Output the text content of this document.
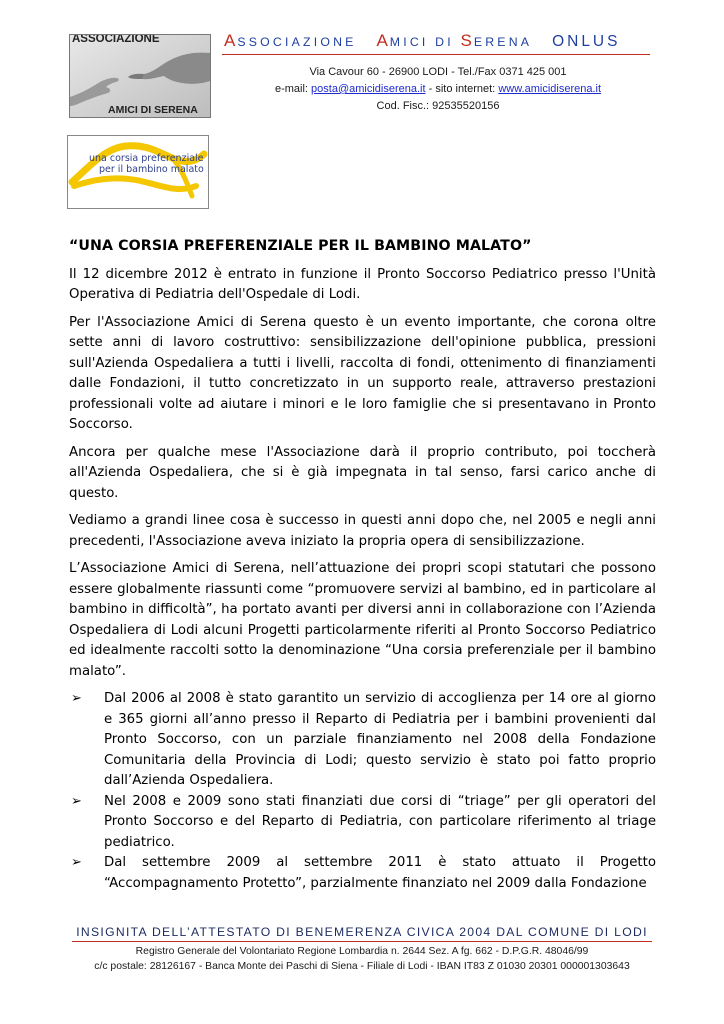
ASSOCIAZIONE
AMICI DI SERENA
ASSOCIAZIONE AMICI DI SERENA ONLUS
Via Cavour 60 - 26900 LODI - Tel./Fax 0371 425 001
e-mail: posta@amicidiserena.it - sito internet: www.amicidiserena.it
Cod. Fisc.: 92535520156
una corsia preferenziale
per il bambino malato
“UNA CORSIA PREFERENZIALE PER IL BAMBINO MALATO”

Il 12 dicembre 2012 è entrato in funzione il Pronto Soccorso Pediatrico presso l'Unità Operativa di Pediatria dell'Ospedale di Lodi.

Per l'Associazione Amici di Serena questo è un evento importante, che corona oltre sette anni di lavoro costruttivo: sensibilizzazione dell'opinione pubblica, pressioni sull'Azienda Ospedaliera a tutti i livelli, raccolta di fondi, ottenimento di finanziamenti dalle Fondazioni, il tutto concretizzato in un supporto reale, attraverso prestazioni professionali volte ad aiutare i minori e le loro famiglie che si presentavano in Pronto Soccorso.

Ancora per qualche mese l'Associazione darà il proprio contributo, poi toccherà all'Azienda Ospedaliera, che si è già impegnata in tal senso, farsi carico anche di questo.

Vediamo a grandi linee cosa è successo in questi anni dopo che, nel 2005 e negli anni precedenti, l'Associazione aveva iniziato la propria opera di sensibilizzazione.

L’Associazione Amici di Serena, nell’attuazione dei propri scopi statutari che possono essere globalmente riassunti come “promuovere servizi al bambino, ed in particolare al bambino in difficoltà”, ha portato avanti per diversi anni in collaborazione con l’Azienda Ospedaliera di Lodi alcuni Progetti particolarmente riferiti al Pronto Soccorso Pediatrico ed idealmente raccolti sotto la denominazione “Una corsia preferenziale per il bambino malato”.

➢ Dal 2006 al 2008 è stato garantito un servizio di accoglienza per 14 ore al giorno e 365 giorni all’anno presso il Reparto di Pediatria per i bambini provenienti dal Pronto Soccorso, con un parziale finanziamento nel 2008 della Fondazione Comunitaria della Provincia di Lodi; questo servizio è stato poi fatto proprio dall’Azienda Ospedaliera.
➢ Nel 2008 e 2009 sono stati finanziati due corsi di “triage” per gli operatori del Pronto Soccorso e del Reparto di Pediatria, con particolare riferimento al triage pediatrico.
➢ Dal settembre 2009 al settembre 2011 è stato attuato il Progetto “Accompagnamento Protetto”, parzialmente finanziato nel 2009 dalla Fondazione
INSIGNITA DELL’ATTESTATO DI BENEMERENZA CIVICA 2004 DAL COMUNE DI LODI
Registro Generale del Volontariato Regione Lombardia n. 2644 Sez. A fg. 662 - D.P.G.R. 48046/99
c/c postale: 28126167 - Banca Monte dei Paschi di Siena - Filiale di Lodi - IBAN IT83 Z 01030 20301 000001303643
